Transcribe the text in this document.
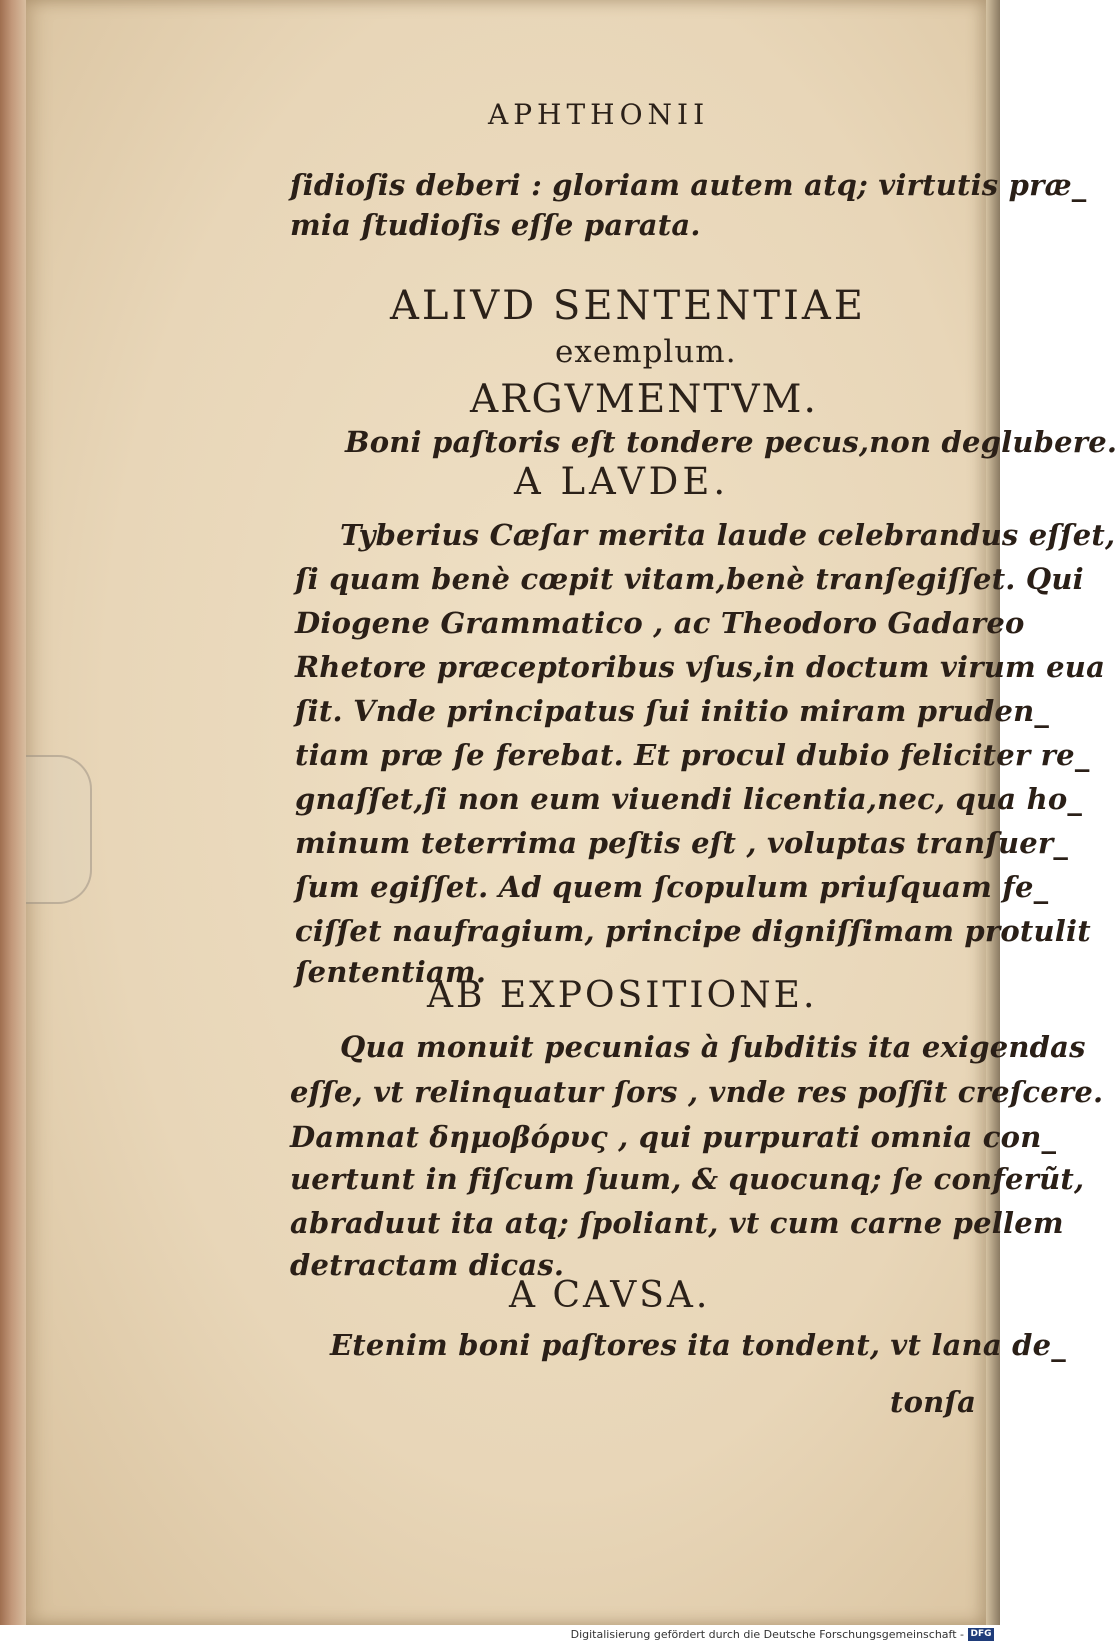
APHTHONII
ſidioſis deberi : gloriam autem atq; virtutis præ_
mia ſtudioſis eſſe parata.
ALIVD SENTENTIAE
exemplum.
ARGVMENTVM.
Boni paſtoris eſt tondere pecus,non deglubere.
A LAVDE.
Tyberius Cæſar merita laude celebrandus eſſet,
ſi quam benè cœpit vitam,benè tranſegiſſet. Qui
Diogene Grammatico , ac Theodoro Gadareo
Rhetore præceptoribus vſus,in doctum virum eua
ſit. Vnde principatus ſui initio miram pruden_
tiam præ ſe ferebat. Et procul dubio feliciter re_
gnaſſet,ſi non eum viuendi licentia,nec, qua ho_
minum teterrima peſtis eſt , voluptas tranſuer_
ſum egiſſet. Ad quem ſcopulum priuſquam fe_
ciſſet naufragium, principe digniſſimam protulit
ſententiam.
AB EXPOSITIONE.
Qua monuit pecunias à ſubditis ita exigendas
eſſe, vt relinquatur ſors , vnde res poſſit creſcere.
Damnat δημοβόρυς , qui purpurati omnia con_
uertunt in fiſcum ſuum, & quocunq; ſe conferũt,
abraduut ita atq; ſpoliant, vt cum carne pellem
detractam dicas.
A CAVSA.
Etenim boni paſtores ita tondent, vt lana de_
tonſa
Digitalisierung gefördert durch die Deutsche Forschungsgemeinschaft - DFG
